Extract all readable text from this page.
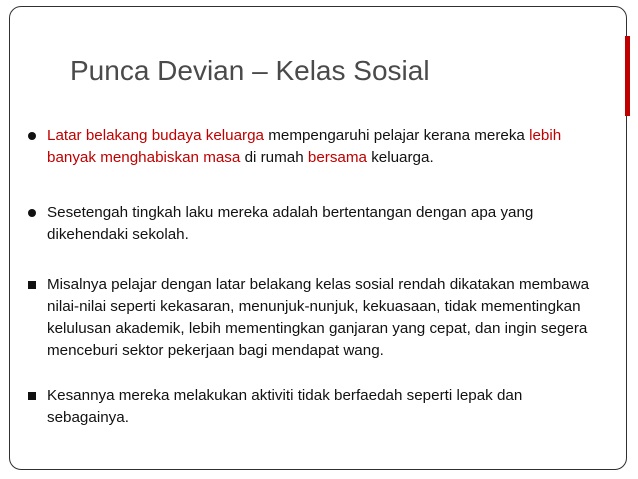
Punca Devian – Kelas Sosial
Latar belakang budaya keluarga mempengaruhi pelajar kerana mereka lebih banyak menghabiskan masa di rumah bersama keluarga.
Sesetengah tingkah laku mereka adalah bertentangan dengan apa yang dikehendaki sekolah.
Misalnya pelajar dengan latar belakang kelas sosial rendah dikatakan membawa nilai-nilai seperti kekasaran, menunjuk-nunjuk, kekuasaan, tidak mementingkan kelulusan akademik, lebih mementingkan ganjaran yang cepat, dan ingin segera menceburi sektor pekerjaan bagi mendapat wang.
Kesannya mereka melakukan aktiviti tidak berfaedah seperti lepak dan sebagainya.
